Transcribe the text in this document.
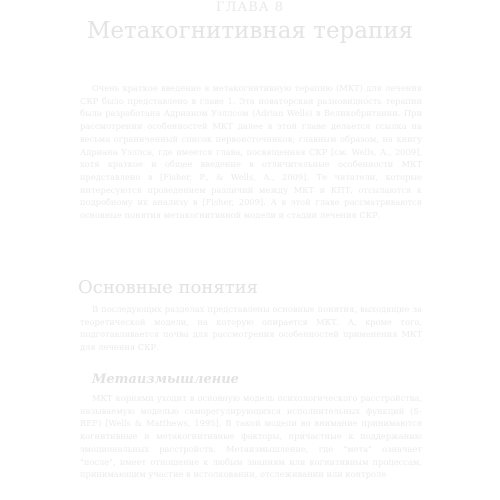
ГЛАВА 8
Метакогнитивная терапия

Очень краткое введение в метакогнитивную терапию (МКТ) для лечения СКР было представлено в главе 1. Эта новаторская разновидность терапии была разработана Адрианом Уэллсом (Adrian Wells) в Великобритании. При рассмотрении особенностей МКТ далее в этой главе делается ссылка на весьма ограниченный список первоисточников; главным образом, на книгу Адриана Уэллса, где имеется глава, посвященная СКР [см. Wells, A., 2009], хотя краткое и общее введение в отличительные особенности МКТ представлено в [Fisher, P., & Wells, A., 2009]. Те читатели, которые интересуются проведением различий между МКТ и КПТ, отсылаются к подробному их анализу в [Fisher, 2009]. А в этой главе рассматриваются основные понятия метакогнитивной модели и стадии лечения СКР.

Основные понятия

В последующих разделах представлены основные понятия, выходящие за теоретической модели, на которую опирается МКТ. А, кроме того, подготавливается почва для рассмотрения особенностей применения МКТ для лечения СКР.

Метаизмышление

МКТ корнями уходит в основную модель психологического расстройства, называемую моделью саморегулирующихся исполнительных функций (S-REF) [Wells & Matthews, 1995]. В такой модели во внимание принимаются когнитивные и метакогнитивные факторы, причастные к поддержанию эмоциональных расстройств. Метаизмышление, где "мета" означает "после", имеет отношение к любым знаниям или когнитивным процессам, принимающим участие в истолковании, отслеживании или контроле
